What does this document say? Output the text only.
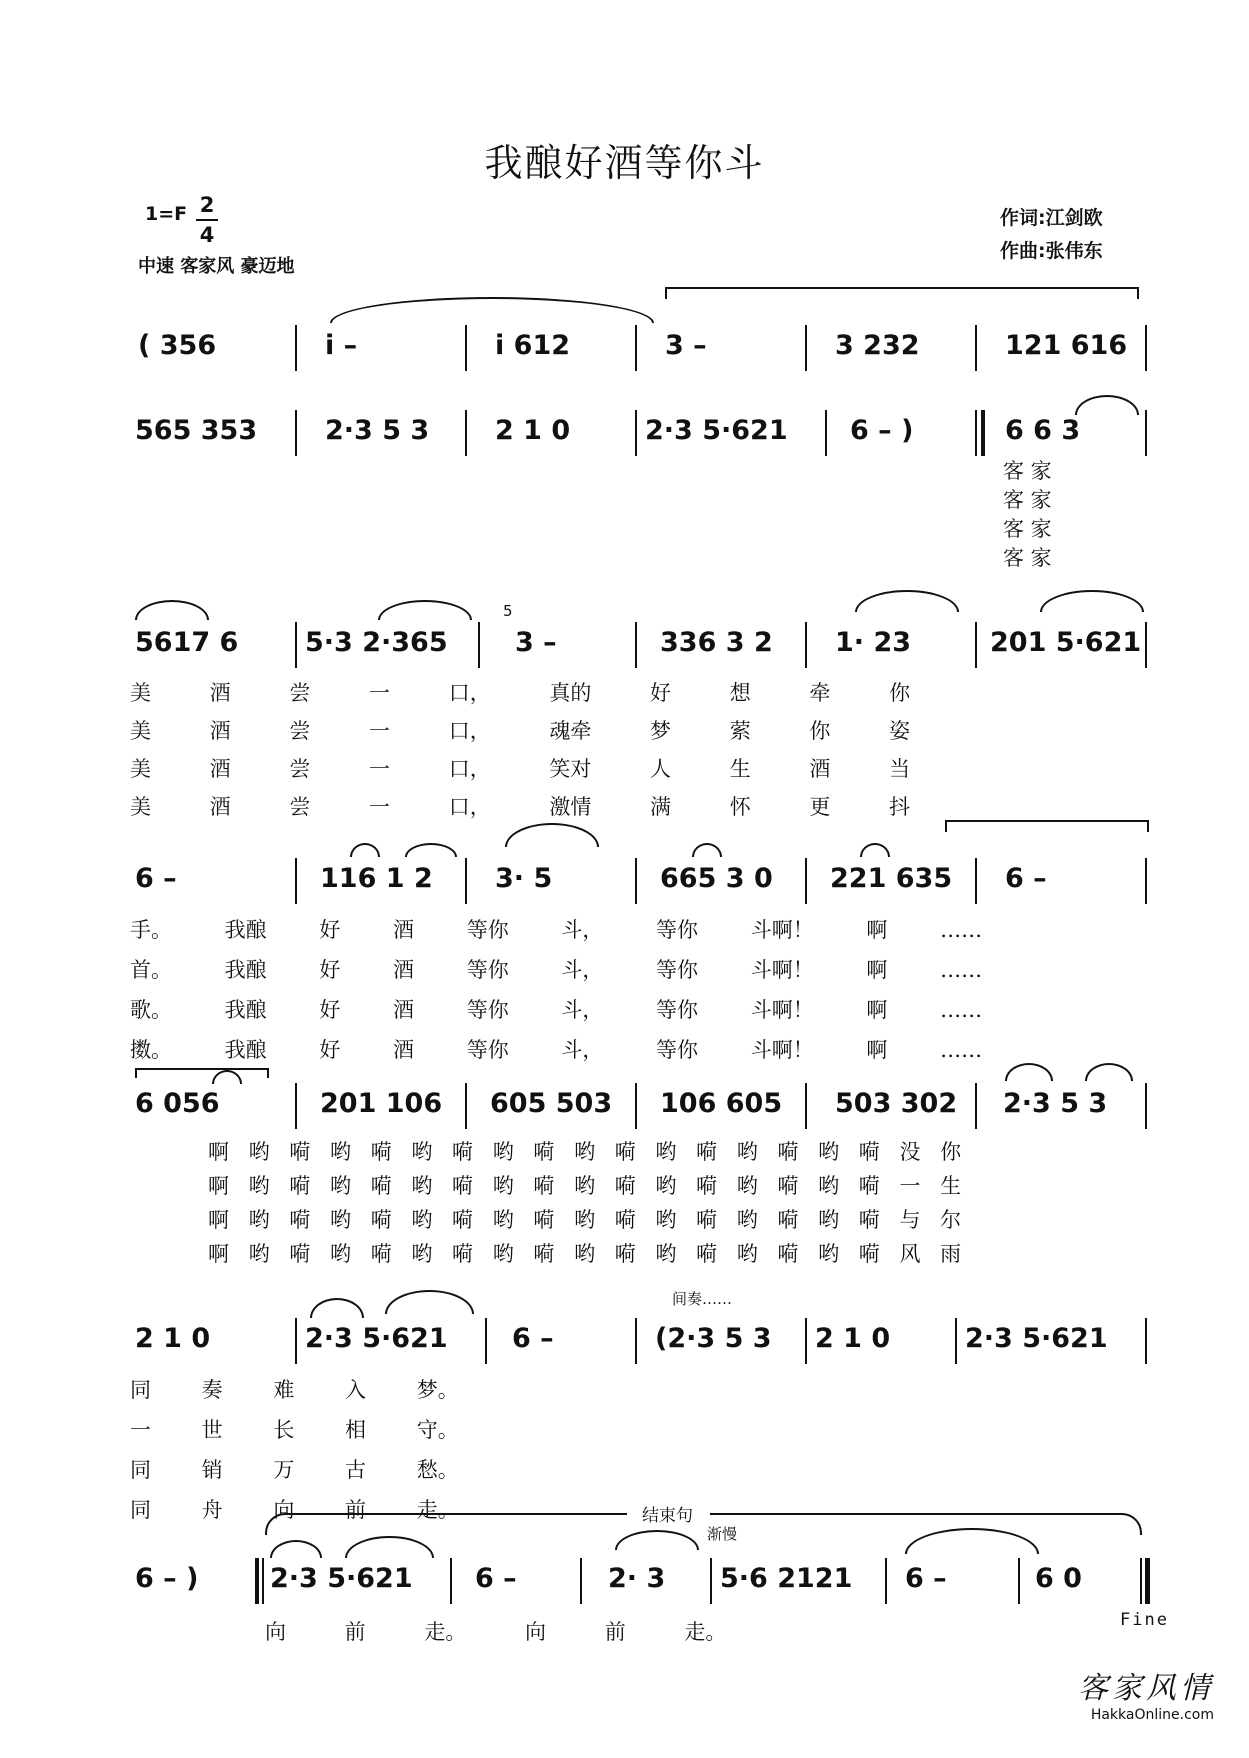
我酿好酒等你斗
1=F 2
4
中速 客家风 豪迈地
作词:江剑欧
作曲:张伟东
( 356	i –	i 612	3 –	3 232	121 616
565 353	2·3 5 3 2 1 0	2·3 5·621 6 – )	6 6 3
客 家
客 家
客 家
客 家
5617 6 5·3 2·365
5
3 –	336 3 2 1· 23	201 5·621
美 酒 尝 一 口， 真的 好 想 牵 你
美 酒 尝 一 口， 魂牵 梦 萦 你 姿
美 酒 尝 一 口， 笑对 人 生 酒 当
美 酒 尝 一 口， 激情 满 怀 更 抖
6 –	116 1 2 3· 5	665 3 0 221 635 6 –
手。 我酿 好 酒 等你 斗， 等你 斗啊！ 啊 ……
首。 我酿 好 酒 等你 斗， 等你 斗啊！ 啊 ……
歌。 我酿 好 酒 等你 斗， 等你 斗啊！ 啊 ……
擞。 我酿 好 酒 等你 斗， 等你 斗啊！ 啊 ……
6 056	201 106 605 503 106 605 503 302 2·3 5 3
啊 哟 嗬 哟 嗬 哟 嗬 哟 嗬 哟 嗬 哟 嗬 哟 嗬 哟 嗬 没 你
啊 哟 嗬 哟 嗬 哟 嗬 哟 嗬 哟 嗬 哟 嗬 哟 嗬 哟 嗬 一 生
啊 哟 嗬 哟 嗬 哟 嗬 哟 嗬 哟 嗬 哟 嗬 哟 嗬 哟 嗬 与 尔
啊 哟 嗬 哟 嗬 哟 嗬 哟 嗬 哟 嗬 哟 嗬 哟 嗬 哟 嗬 风 雨
间奏……
2 1 0	2·3 5·621 6 –	(2·3 5 3 2 1 0	2·3 5·621
同 奏 难 入 梦。
一 世 长 相 守。
同 销 万 古 愁。
同 舟 向 前 走。	结束句
渐慢
6 – )	2·3 5·621 6 –	2· 3 5·6 2121 6 –	6 0
Fine
向 前 走。 向 前 走。
客家风情
HakkaOnline.com
